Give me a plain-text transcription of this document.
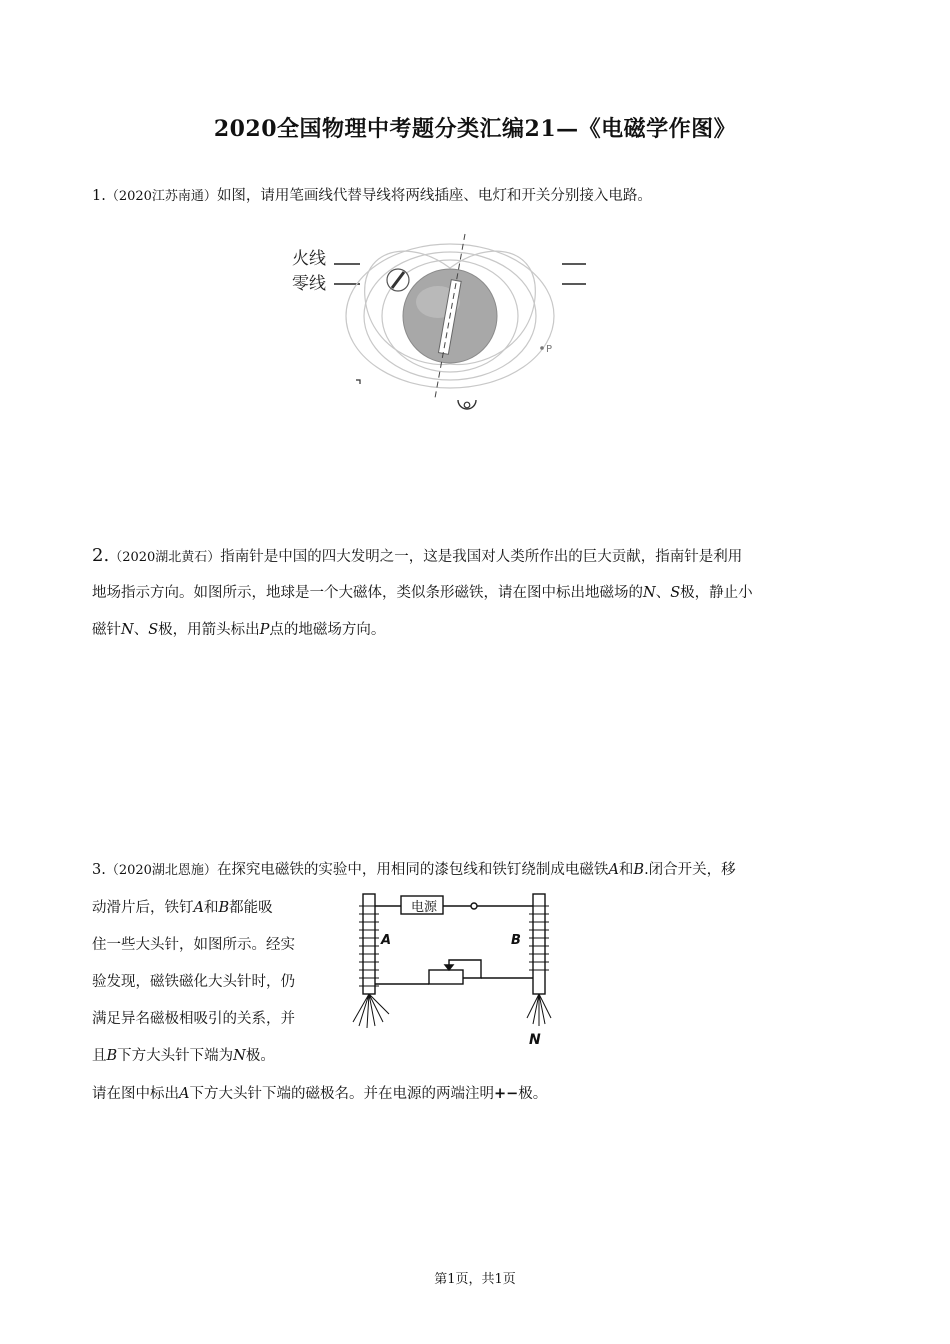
2020全国物理中考题分类汇编21—《电磁学作图》
1.（2020江苏南通）如图，请用笔画线代替导线将两线插座、电灯和开关分别接入电路。
火线
零线
P
2.（2020湖北黄石）指南针是中国的四大发明之一，这是我国对人类所作出的巨大贡献，指南针是利用
地场指示方向。如图所示，地球是一个大磁体，类似条形磁铁，请在图中标出地磁场的N、S极，静止小
磁针N、S极，用箭头标出P点的地磁场方向。
3.（2020湖北恩施）在探究电磁铁的实验中，用相同的漆包线和铁钉绕制成电磁铁A和B.闭合开关，移
动滑片后，铁钉A和B都能吸
住一些大头针，如图所示。经实
验发现，磁铁磁化大头针时，仍
满足异名磁极相吸引的关系，并
且B下方大头针下端为N极。
请在图中标出A下方大头针下端的磁极名。并在电源的两端注明+−极。
电源
A	B
N
第1页，共1页
